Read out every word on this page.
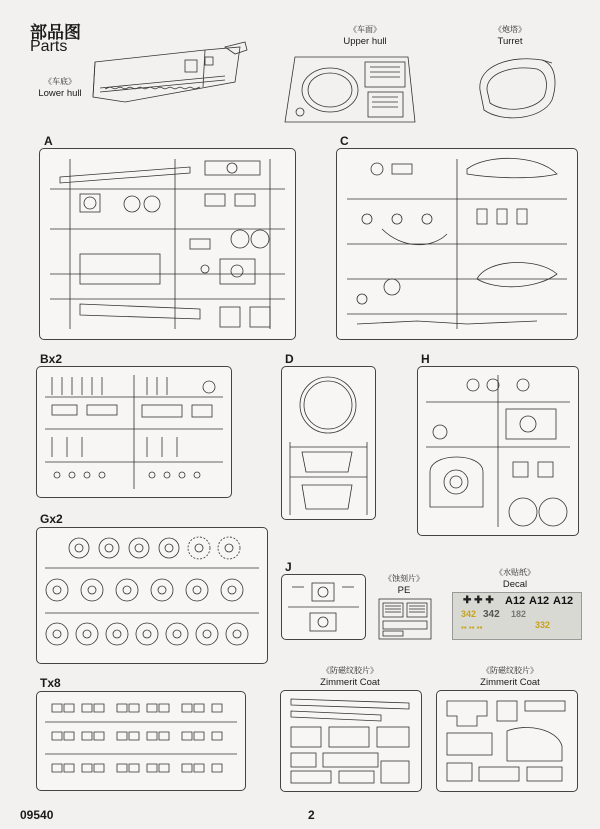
部品图
Parts
《车底》
Lower hull
《车面》
Upper hull
《炮塔》
Turret
A	C
Bx2	D	H
Gx2
J
《蚀刻片》
PE
《水贴纸》
Decal
✚ ✚ ✚ A12 A12 A12
342 342 182
332
▪▪ ▪▪ ▪▪
Tx8
《防磁纹胶片》
Zimmerit Coat
《防磁纹胶片》
Zimmerit Coat
09540	2
